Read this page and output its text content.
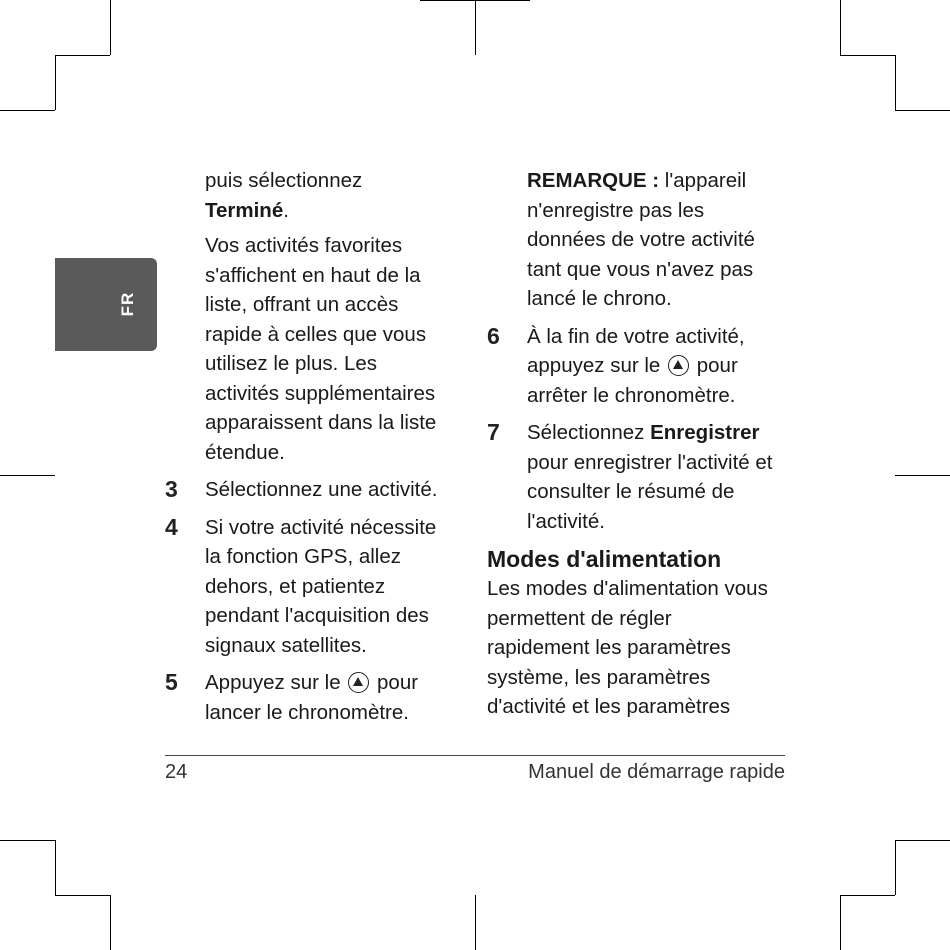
FR

puis sélectionnez
Terminé.

Vos activités favorites
s'affichent en haut de la
liste, offrant un accès
rapide à celles que vous
utilisez le plus. Les
activités supplémentaires
apparaissent dans la liste
étendue.

3 Sélectionnez une activité.

4 Si votre activité nécessite
la fonction GPS, allez
dehors, et patientez
pendant l'acquisition des
signaux satellites.

5 Appuyez sur le pour
lancer le chronomètre.

REMARQUE : l'appareil
n'enregistre pas les
données de votre activité
tant que vous n'avez pas
lancé le chrono.

6 À la fin de votre activité,
appuyez sur le pour
arrêter le chronomètre.

7 Sélectionnez Enregistrer
pour enregistrer l'activité et
consulter le résumé de
l'activité.

Modes d'alimentation

Les modes d'alimentation vous
permettent de régler
rapidement les paramètres
système, les paramètres
d'activité et les paramètres

24	Manuel de démarrage rapide
